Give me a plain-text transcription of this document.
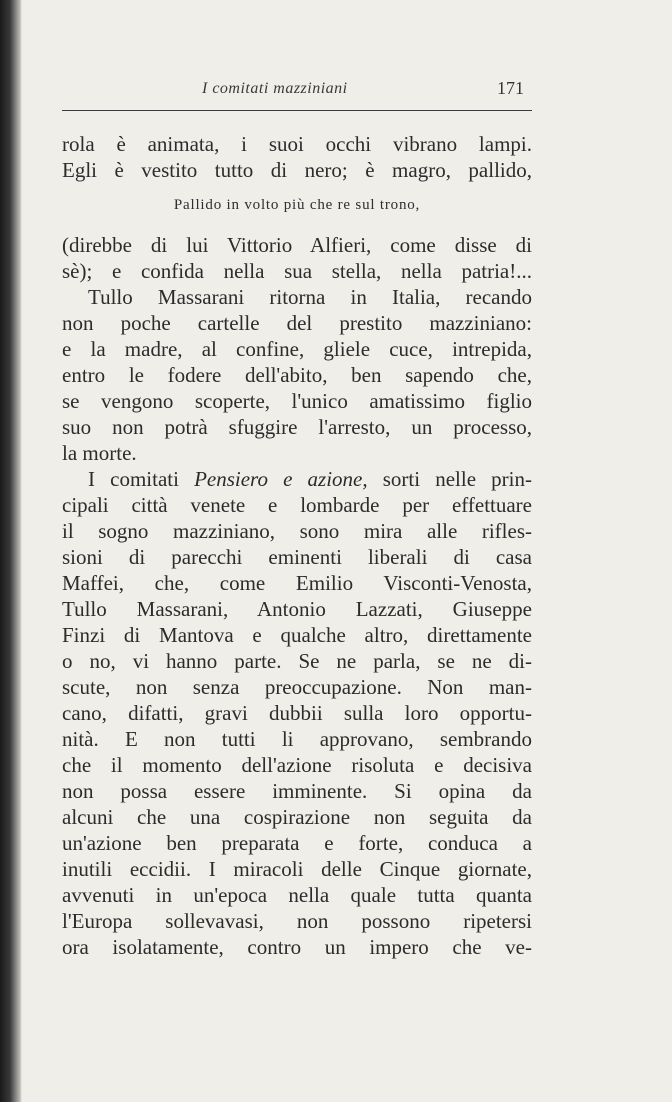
I comitati mazziniani	171
rola è animata, i suoi occhi vibrano lampi.
Egli è vestito tutto di nero; è magro, pallido,
Pallido in volto più che re sul trono,
(direbbe di lui Vittorio Alfieri, come disse di
sè); e confida nella sua stella, nella patria!...
Tullo Massarani ritorna in Italia, recando
non poche cartelle del prestito mazziniano:
e la madre, al confine, gliele cuce, intrepida,
entro le fodere dell'abito, ben sapendo che,
se vengono scoperte, l'unico amatissimo figlio
suo non potrà sfuggire l'arresto, un processo,
la morte.
I comitati Pensiero e azione, sorti nelle prin-
cipali città venete e lombarde per effettuare
il sogno mazziniano, sono mira alle rifles-
sioni di parecchi eminenti liberali di casa
Maffei, che, come Emilio Visconti-Venosta,
Tullo Massarani, Antonio Lazzati, Giuseppe
Finzi di Mantova e qualche altro, direttamente
o no, vi hanno parte. Se ne parla, se ne di-
scute, non senza preoccupazione. Non man-
cano, difatti, gravi dubbii sulla loro opportu-
nità. E non tutti li approvano, sembrando
che il momento dell'azione risoluta e decisiva
non possa essere imminente. Si opina da
alcuni che una cospirazione non seguita da
un'azione ben preparata e forte, conduca a
inutili eccidii. I miracoli delle Cinque giornate,
avvenuti in un'epoca nella quale tutta quanta
l'Europa sollevavasi, non possono ripetersi
ora isolatamente, contro un impero che ve-
